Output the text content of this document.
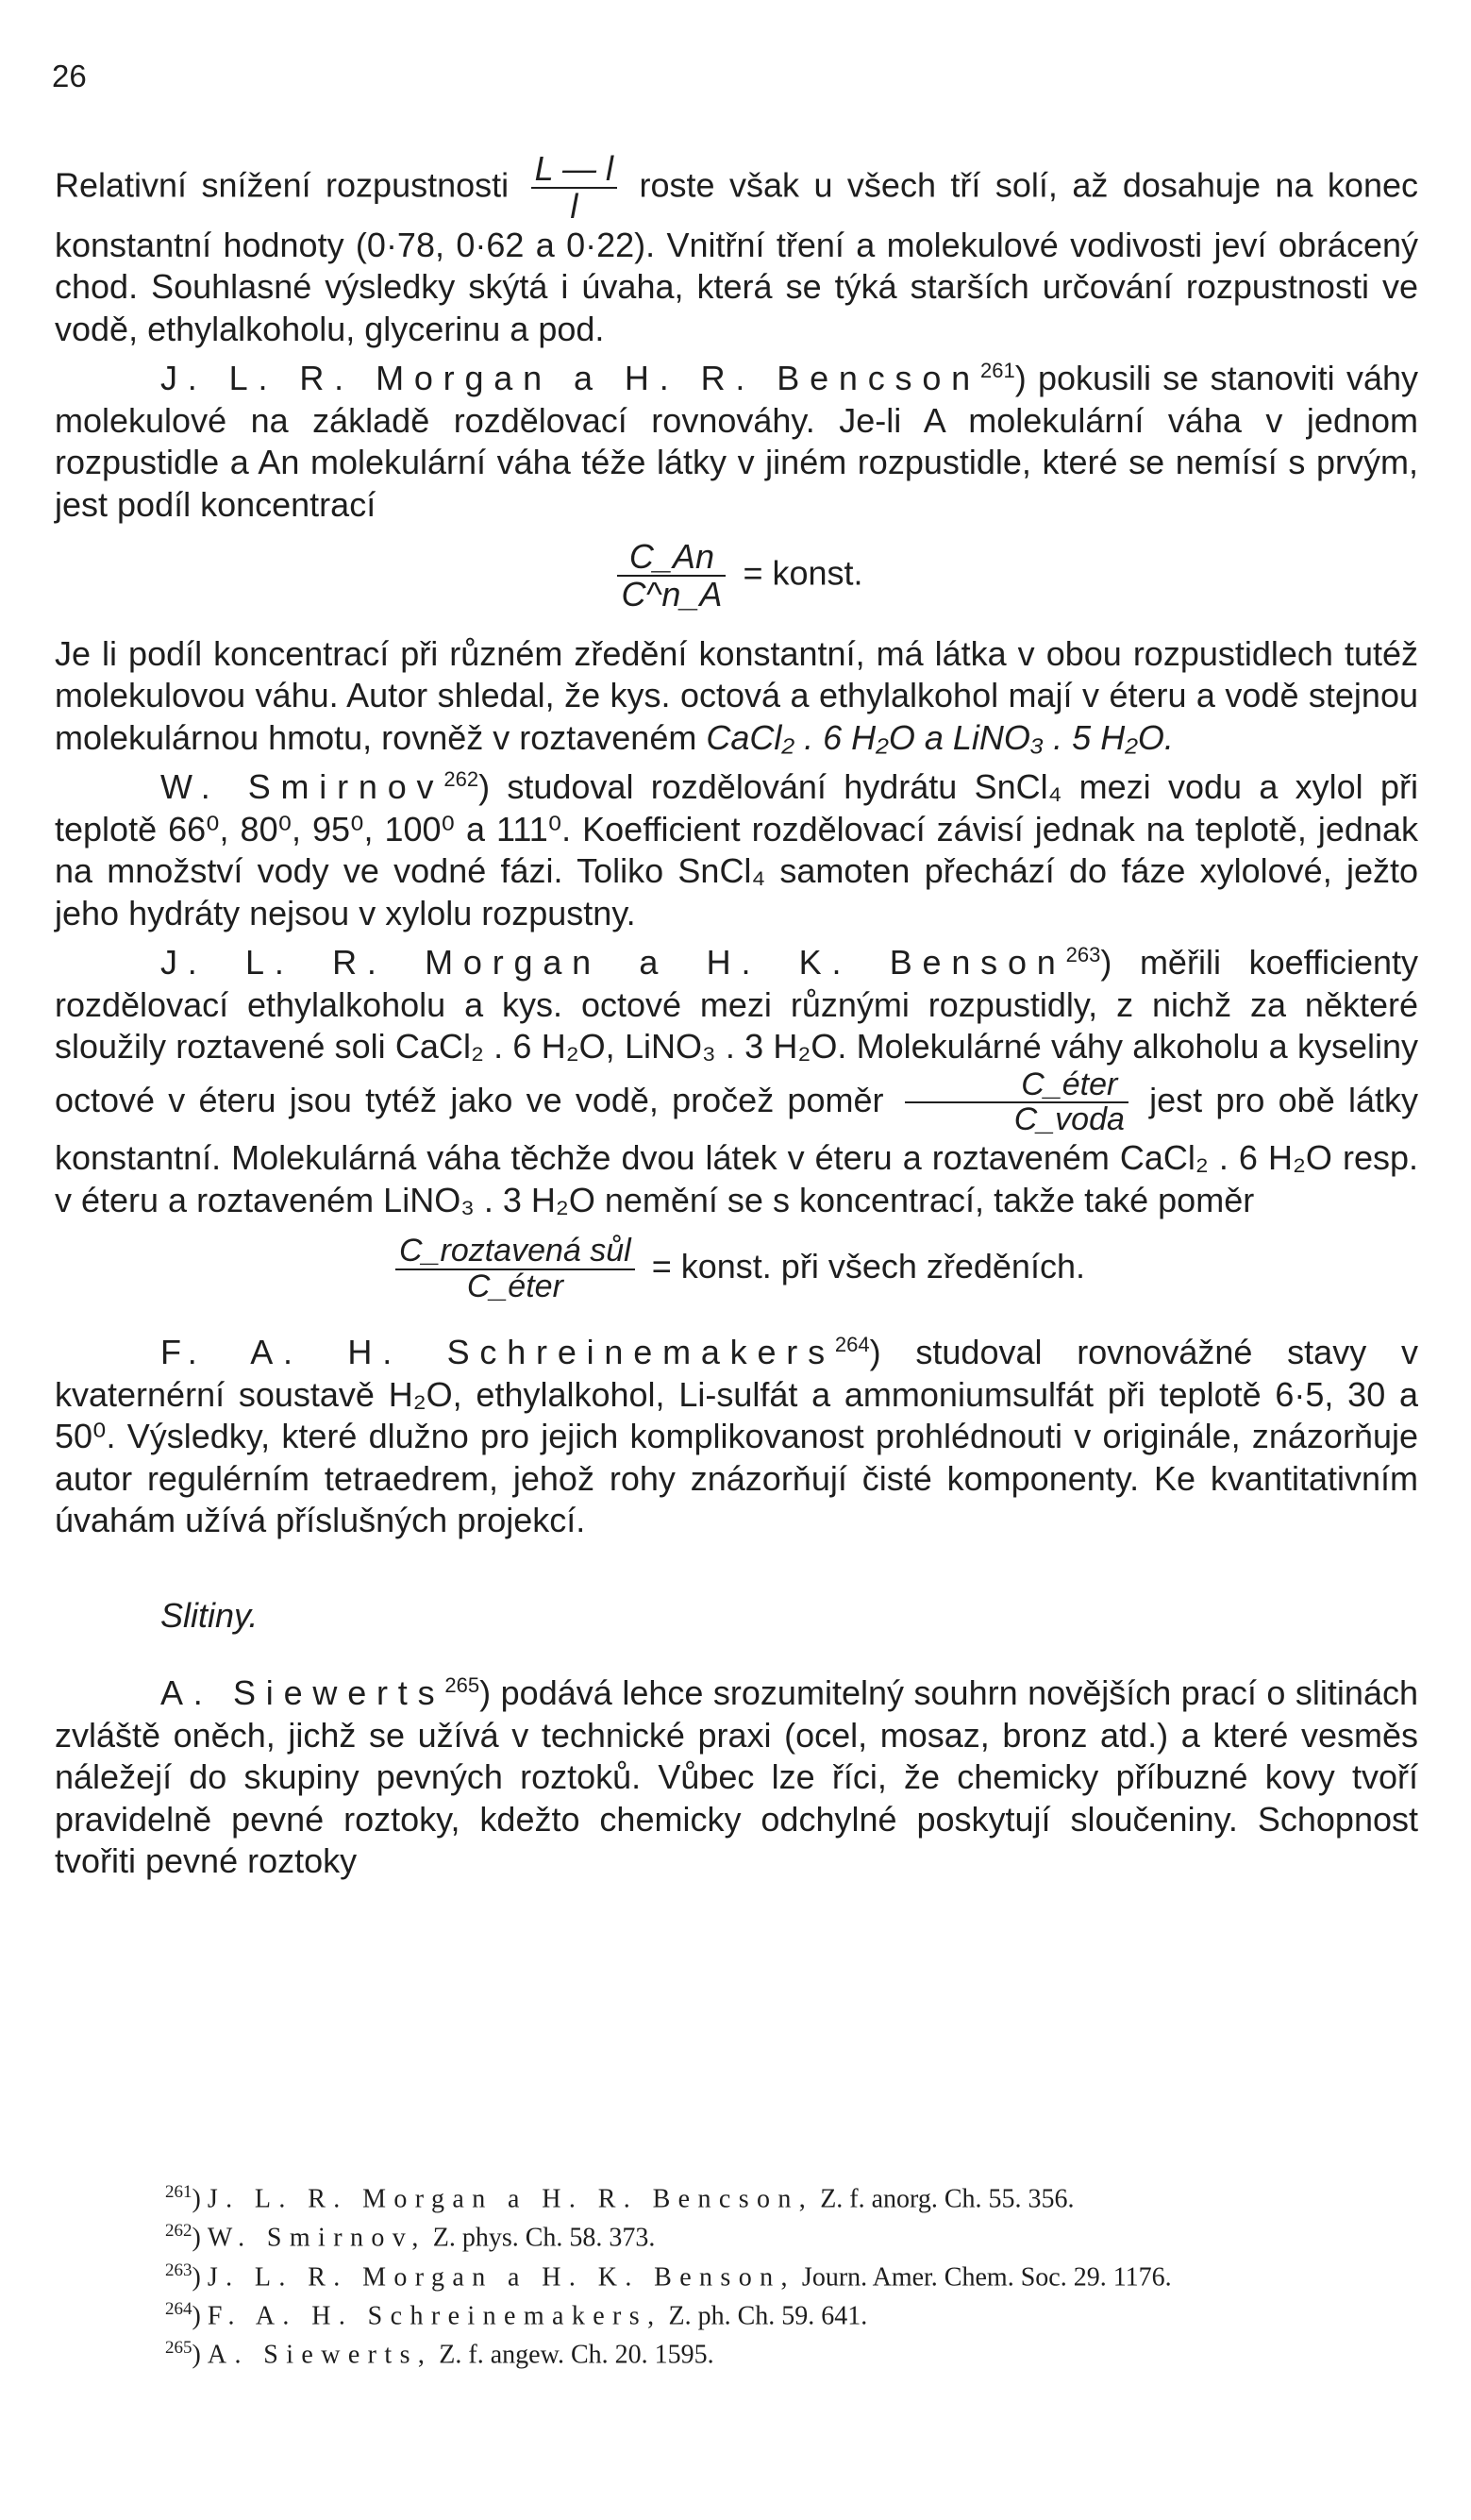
26

Relativní snížení rozpustnosti $\frac{L — l}{l}$ roste však u všech tří solí, až dosahuje na konec konstantní hodnoty (0·78, 0·62 a 0·22). Vnitřní tření a molekulové vodivosti jeví obrácený chod. Souhlasné výsledky skýtá i úvaha, která se týká starších určování rozpustnosti ve vodě, ethylalkoholu, glycerinu a pod.

J. L. R. Morgan a H. R. Bencson$^{261}$) pokusili se stanoviti váhy molekulové na základě rozdělovací rovnováhy. Je-li A molekulární váha v jednom rozpustidle a An molekulární váha téže látky v jiném rozpustidle, které se nemísí s prvým, jest podíl koncentrací

$\frac{C\_An}{C\^{}n\_A}$ = konst.

Je li podíl koncentrací při různém zředění konstantní, má látka v obou rozpustidlech tutéž molekulovou váhu. Autor shledal, že kys. octová a ethylalkohol mají v éteru a vodě stejnou molekulárnou hmotu, rovněž v roztaveném CaCl₂ . 6 H₂O a LiNO₃ . 5 H₂O.

W. Smirnov$^{262}$) studoval rozdělování hydrátu SnCl₄ mezi vodu a xylol při teplotě 66⁰, 80⁰, 95⁰, 100⁰ a 111⁰. Koefficient rozdělovací závisí jednak na teplotě, jednak na množství vody ve vodné fázi. Toliko SnCl₄ samoten přechází do fáze xylolové, ježto jeho hydráty nejsou v xylolu rozpustny.

J. L. R. Morgan a H. K. Benson$^{263}$) měřili koefficienty rozdělovací ethylalkoholu a kys. octové mezi různými rozpustidly, z nichž za některé sloužily roztavené soli CaCl₂ . 6 H₂O, LiNO₃ . 3 H₂O. Molekulárné váhy alkoholu a kyseliny octové v éteru jsou tytéž jako ve vodě, pročež poměr $\frac{\text{C\_éter}}{\text{C\_voda}}$ jest pro obě látky konstantní. Molekulárná váha těchže dvou látek v éteru a roztaveném CaCl₂ . 6 H₂O resp. v éteru a roztaveném LiNO₃ . 3 H₂O nemění se s koncentrací, takže také poměr

$\frac{\text{C\_roztavená sůl}}{\text{C\_éter}}$ = konst. při všech zředěních.

F. A. H. Schreinemakers$^{264}$) studoval rovnovážné stavy v kvaternérní soustavě H₂O, ethylalkohol, Li-sulfát a ammoniumsulfát při teplotě 6·5, 30 a 50⁰. Výsledky, které dlužno pro jejich komplikovanost prohlédnouti v originále, znázorňuje autor regulérním tetraedrem, jehož rohy znázorňují čisté komponenty. Ke kvantitativním úvahám užívá příslušných projekcí.

Slitiny.

A. Siewerts$^{265}$) podává lehce srozumitelný souhrn novějších prací o slitinách zvláště oněch, jichž se užívá v technické praxi (ocel, mosaz, bronz atd.) a které vesměs náležejí do skupiny pevných roztoků. Vůbec lze říci, že chemicky příbuzné kovy tvoří pravidelně pevné roztoky, kdežto chemicky odchylné poskytují sloučeniny. Schopnost tvořiti pevné roztoky

$^{261}$) J. L. R. Morgan a H. R. Bencson, Z. f. anorg. Ch. 55. 356.
$^{262}$) W. Smirnov, Z. phys. Ch. 58. 373.
$^{263}$) J. L. R. Morgan a H. K. Benson, Journ. Amer. Chem. Soc. 29. 1176.
$^{264}$) F. A. H. Schreinemakers, Z. ph. Ch. 59. 641.
$^{265}$) A. Siewerts, Z. f. angew. Ch. 20. 1595.
